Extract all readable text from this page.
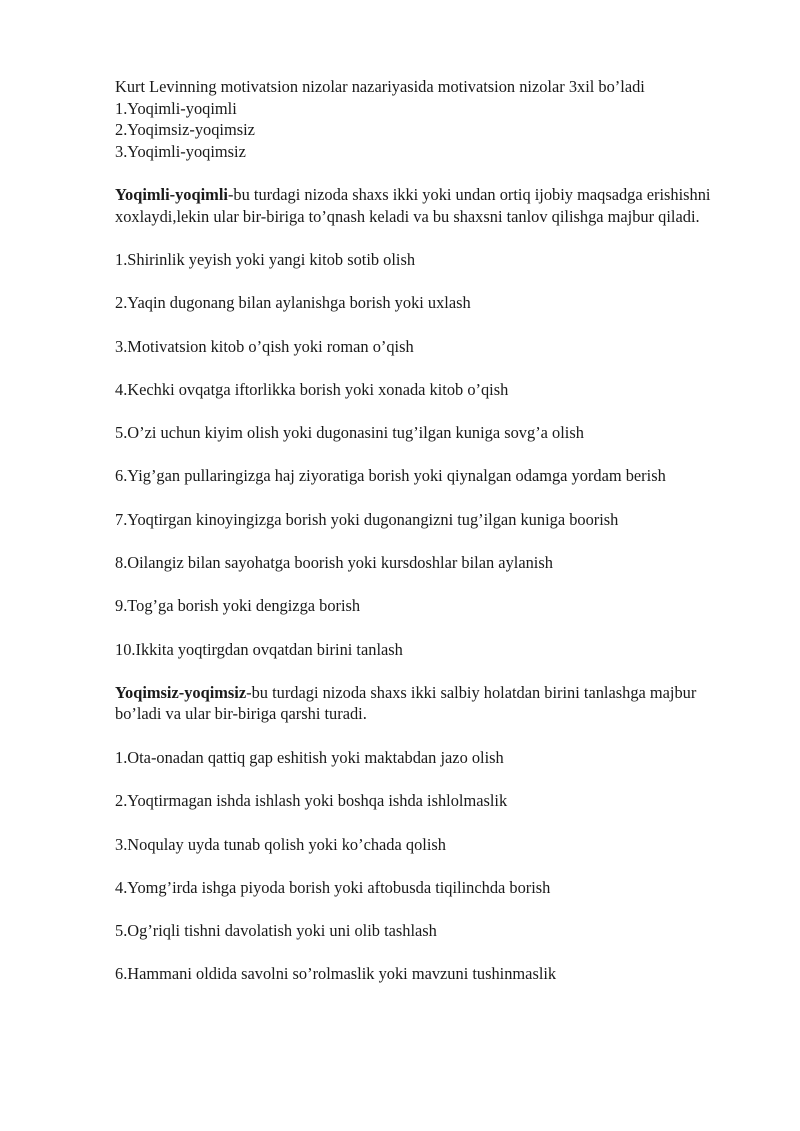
Kurt Levinning motivatsion nizolar nazariyasida motivatsion nizolar 3xil bo’ladi
1.Yoqimli-yoqimli
2.Yoqimsiz-yoqimsiz
3.Yoqimli-yoqimsiz

Yoqimli-yoqimli-bu turdagi nizoda shaxs ikki yoki undan ortiq ijobiy maqsadga erishishni xoxlaydi,lekin ular bir-biriga to’qnash keladi va bu shaxsni tanlov qilishga majbur qiladi.

1.Shirinlik yeyish yoki yangi kitob sotib olish
2.Yaqin dugonang bilan aylanishga borish yoki uxlash
3.Motivatsion kitob o’qish yoki roman o’qish
4.Kechki ovqatga iftorlikka borish yoki xonada kitob o’qish
5.O’zi uchun kiyim olish yoki dugonasini tug’ilgan kuniga sovg’a olish
6.Yig’gan pullaringizga haj ziyoratiga borish yoki qiynalgan odamga yordam berish
7.Yoqtirgan kinoyingizga borish yoki dugonangizni tug’ilgan kuniga boorish
8.Oilangiz bilan sayohatga boorish yoki kursdoshlar bilan aylanish
9.Tog’ga borish yoki dengizga borish
10.Ikkita yoqtirgdan ovqatdan birini tanlash

Yoqimsiz-yoqimsiz-bu turdagi nizoda shaxs ikki salbiy holatdan birini tanlashga majbur bo’ladi va ular bir-biriga qarshi turadi.

1.Ota-onadan qattiq gap eshitish yoki maktabdan jazo olish
2.Yoqtirmagan ishda ishlash yoki boshqa ishda ishlolmaslik
3.Noqulay uyda tunab qolish yoki ko’chada qolish
4.Yomg’irda ishga piyoda borish yoki aftobusda tiqilinchda borish
5.Og’riqli tishni davolatish yoki uni olib tashlash
6.Hammani oldida savolni so’rolmaslik yoki mavzuni tushinmaslik
